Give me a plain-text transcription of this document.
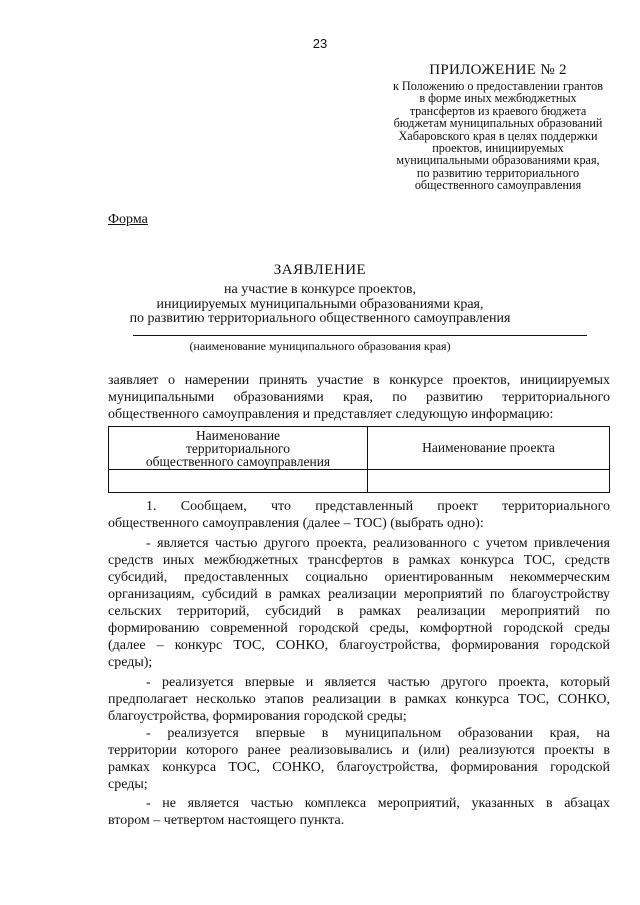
23
ПРИЛОЖЕНИЕ № 2
к Положению о предоставлении грантов
в форме иных межбюджетных
трансфертов из краевого бюджета
бюджетам муниципальных образований
Хабаровского края в целях поддержки
проектов, инициируемых
муниципальными образованиями края,
по развитию территориального
общественного самоуправления
Форма
ЗАЯВЛЕНИЕ
на участие в конкурсе проектов,
инициируемых муниципальными образованиями края,
по развитию территориального общественного самоуправления
(наименование муниципального образования края)
заявляет о намерении принять участие в конкурсе проектов, инициируемых
муниципальными образованиями края, по развитию территориального
общественного самоуправления и представляет следующую информацию:
Наименование
территориального
общественного самоуправления	Наименование проекта

1. Сообщаем, что представленный проект территориального
общественного самоуправления (далее – ТОС) (выбрать одно):
- является частью другого проекта, реализованного с учетом привлечения
средств иных межбюджетных трансфертов в рамках конкурса ТОС, средств
субсидий, предоставленных социально ориентированным некоммерческим
организациям, субсидий в рамках реализации мероприятий по благоустройству
сельских территорий, субсидий в рамках реализации мероприятий по
формированию современной городской среды, комфортной городской среды
(далее – конкурс ТОС, СОНКО, благоустройства, формирования городской
среды);
- реализуется впервые и является частью другого проекта, который
предполагает несколько этапов реализации в рамках конкурса ТОС, СОНКО,
благоустройства, формирования городской среды;
- реализуется впервые в муниципальном образовании края, на
территории которого ранее реализовывались и (или) реализуются проекты в
рамках конкурса ТОС, СОНКО, благоустройства, формирования городской
среды;
- не является частью комплекса мероприятий, указанных в абзацах
втором – четвертом настоящего пункта.
